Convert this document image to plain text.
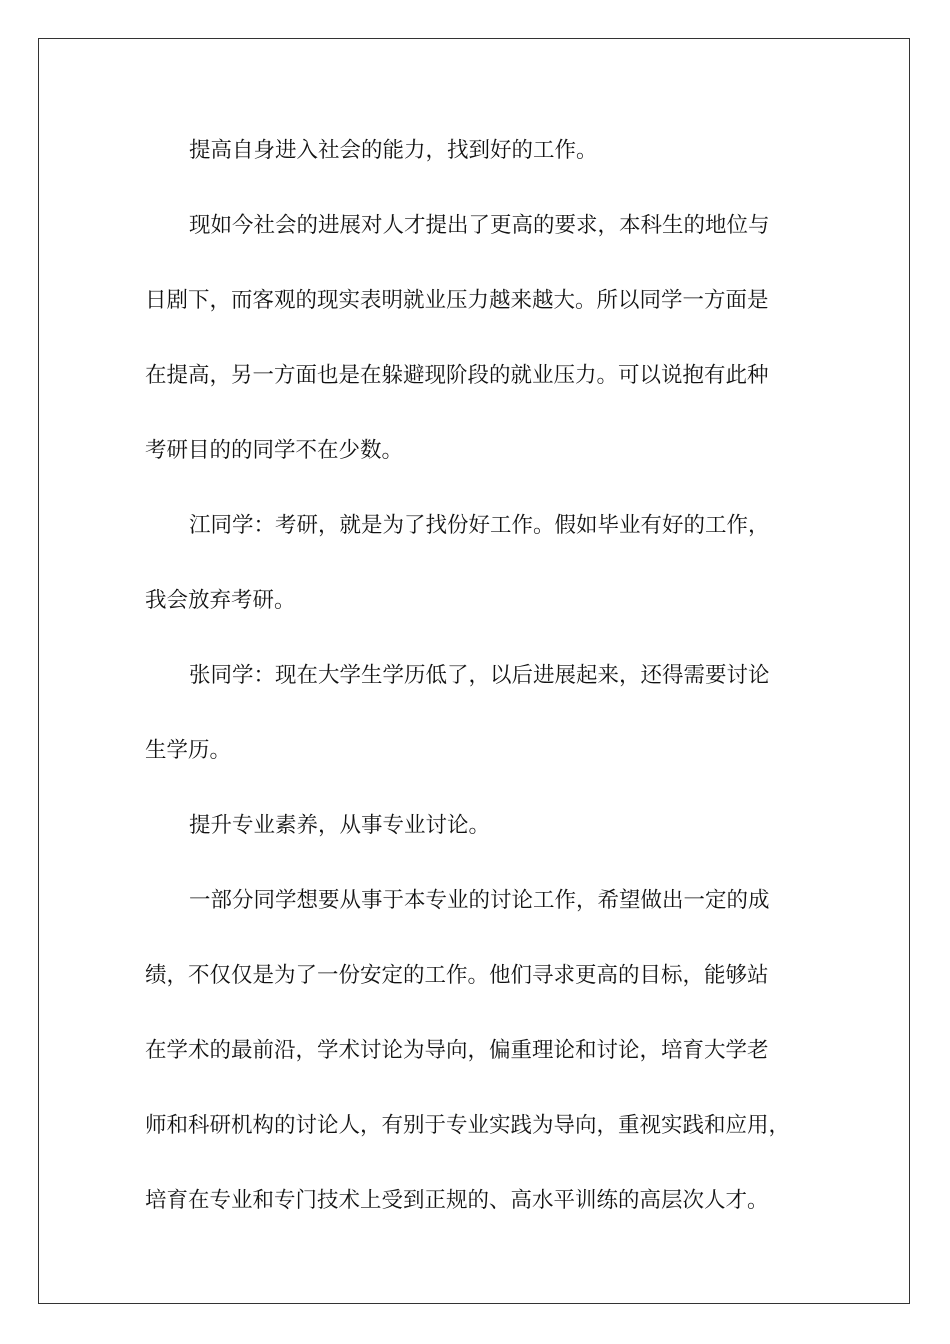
提高自身进入社会的能力，找到好的工作。
现如今社会的进展对人才提出了更高的要求，本科生的地位与
日剧下，而客观的现实表明就业压力越来越大。所以同学一方面是
在提高，另一方面也是在躲避现阶段的就业压力。可以说抱有此种
考研目的的同学不在少数。
江同学：考研，就是为了找份好工作。假如毕业有好的工作，
我会放弃考研。
张同学：现在大学生学历低了，以后进展起来，还得需要讨论
生学历。
提升专业素养，从事专业讨论。
一部分同学想要从事于本专业的讨论工作，希望做出一定的成
绩，不仅仅是为了一份安定的工作。他们寻求更高的目标，能够站
在学术的最前沿，学术讨论为导向，偏重理论和讨论，培育大学老
师和科研机构的讨论人，有别于专业实践为导向，重视实践和应用，
培育在专业和专门技术上受到正规的、高水平训练的高层次人才。
